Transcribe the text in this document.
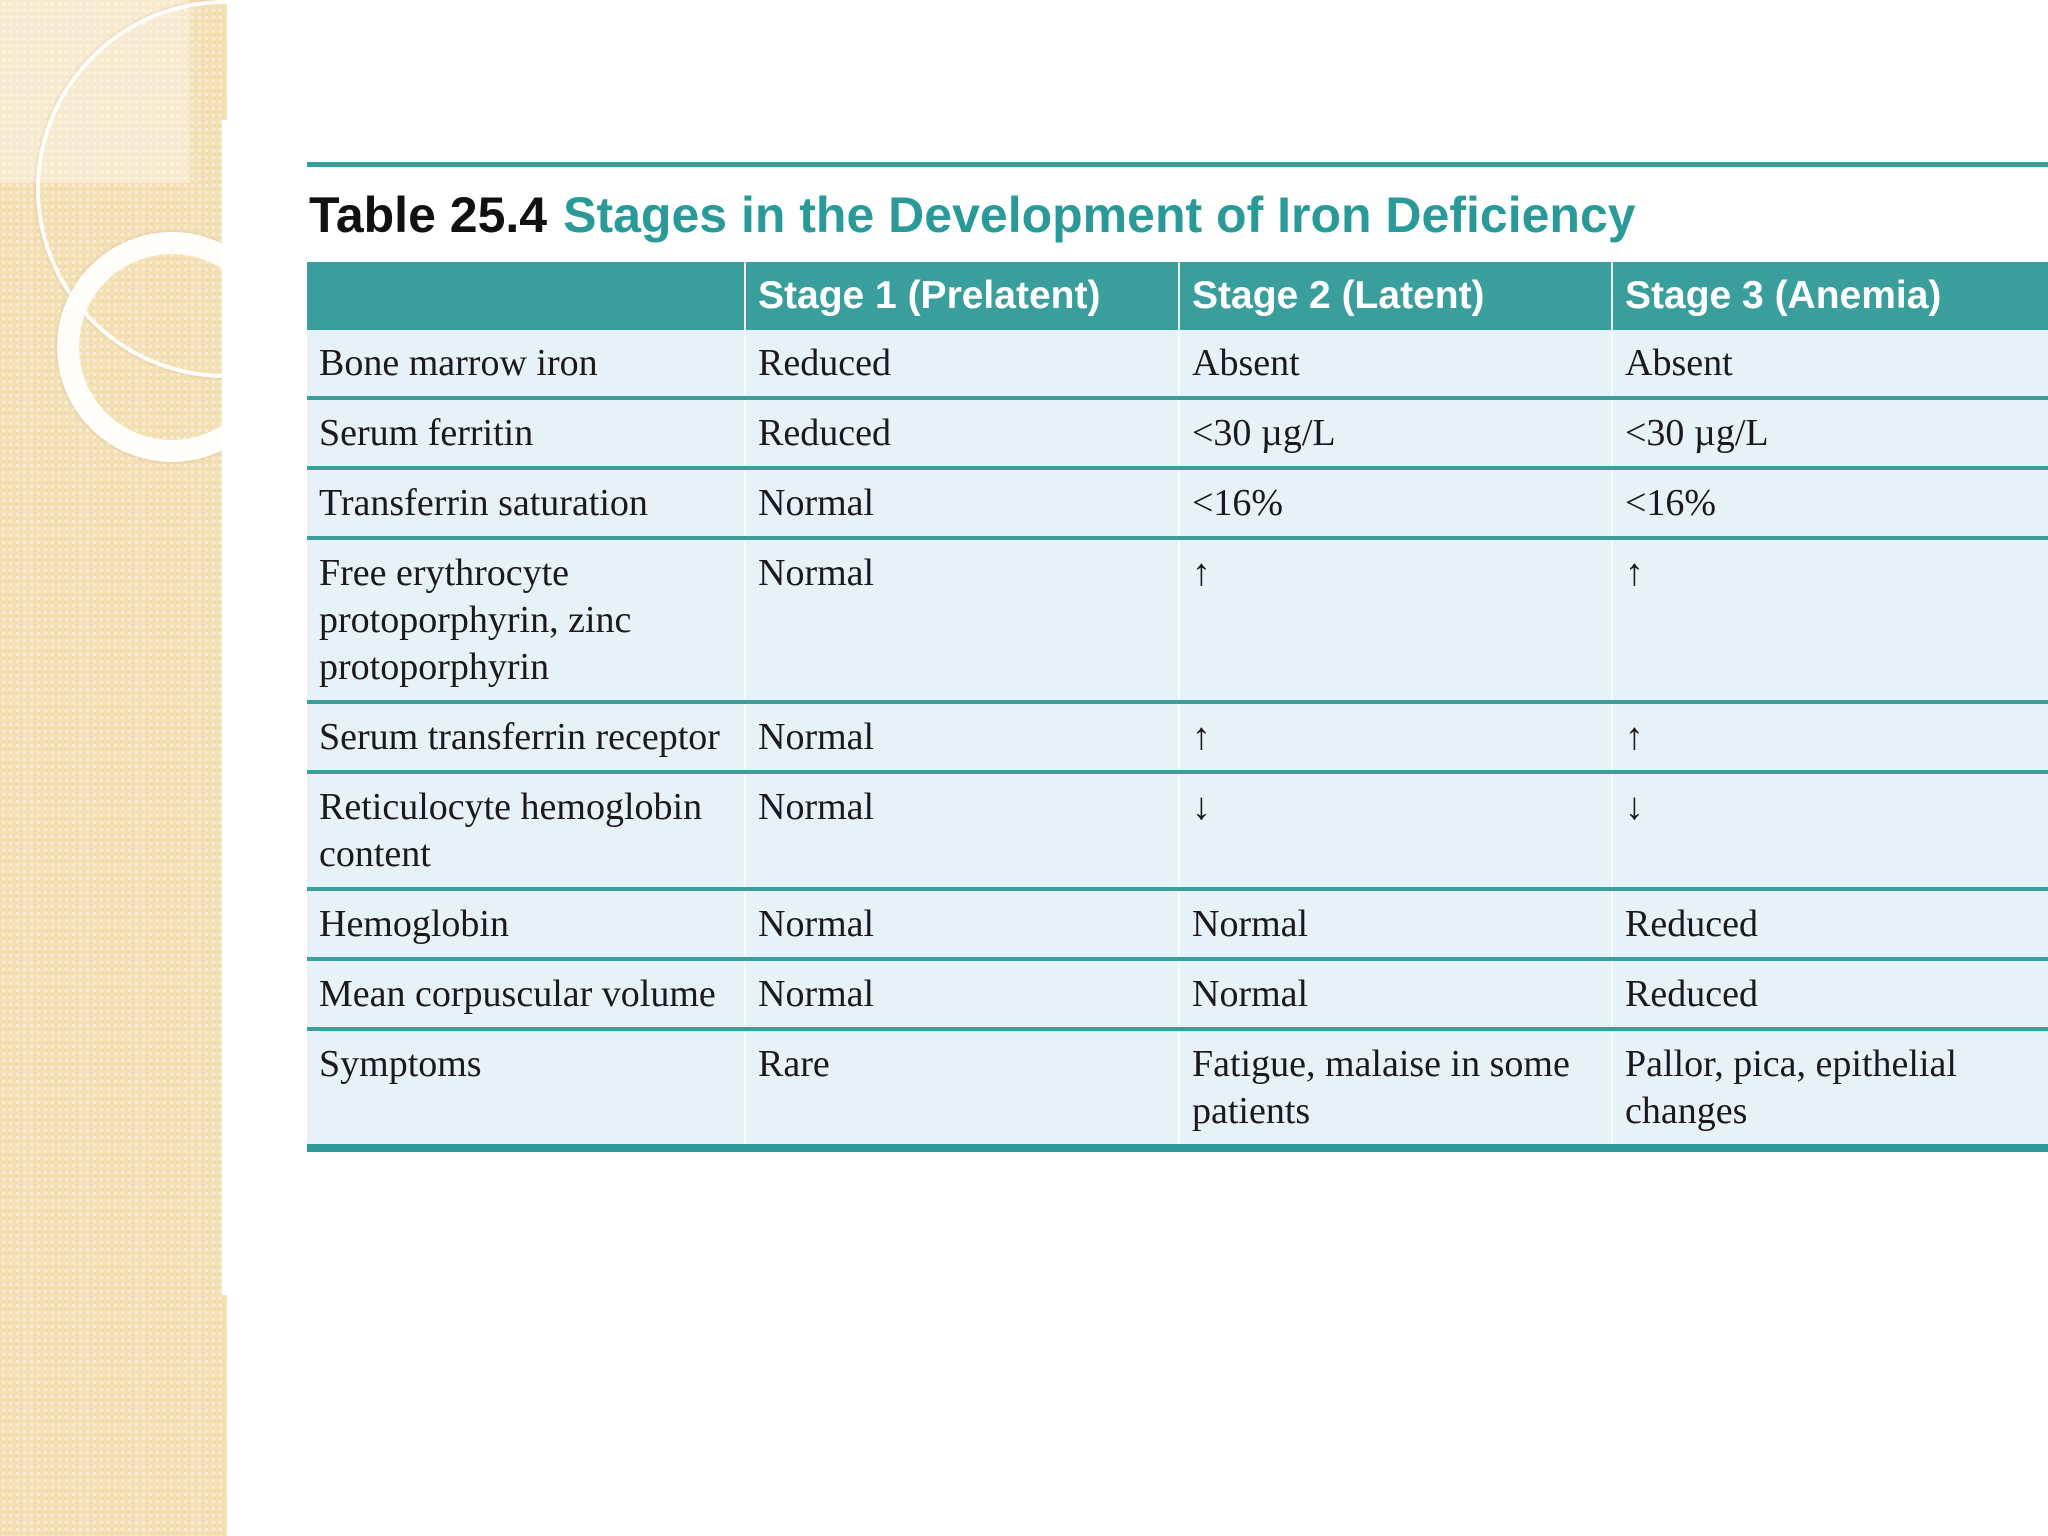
Table 25.4 Stages in the Development of Iron Deficiency
	Stage 1 (Prelatent)	Stage 2 (Latent)	Stage 3 (Anemia)
Bone marrow iron	Reduced	Absent	Absent
Serum ferritin	Reduced	<30 µg/L	<30 µg/L
Transferrin saturation	Normal	<16%	<16%
Free erythrocyte protoporphyrin, zinc protoporphyrin	Normal	↑	↑
Serum transferrin receptor	Normal	↑	↑
Reticulocyte hemoglobin content	Normal	↓	↓
Hemoglobin	Normal	Normal	Reduced
Mean corpuscular volume	Normal	Normal	Reduced
Symptoms	Rare	Fatigue, malaise in some patients	Pallor, pica, epithelial changes
